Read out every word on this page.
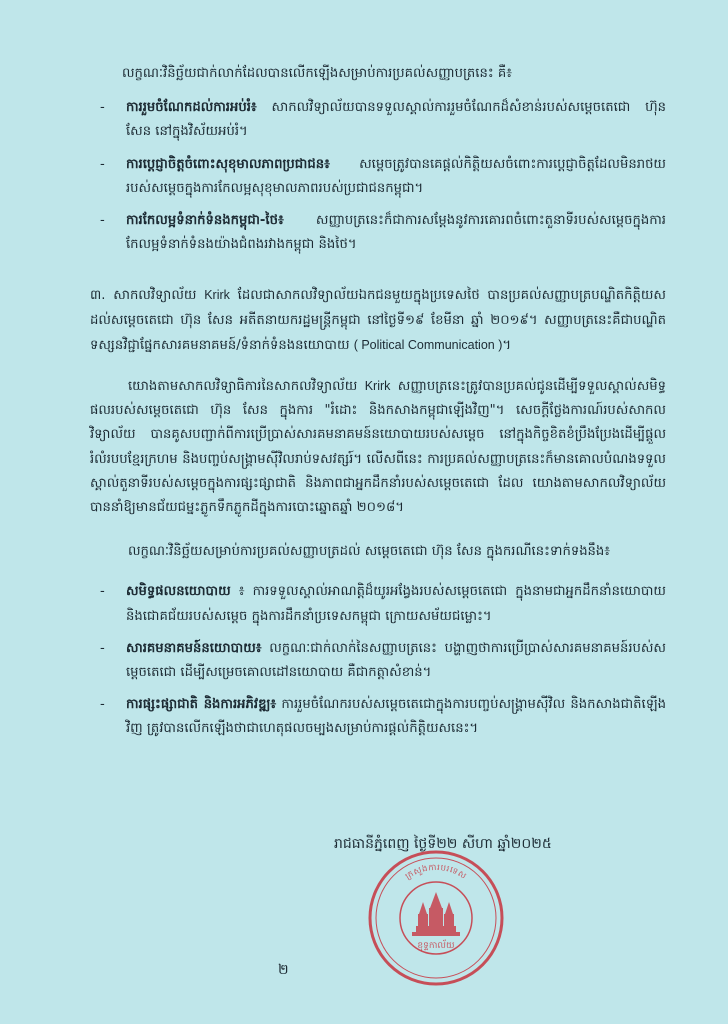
លក្ខណៈវិនិច្ឆ័យជាក់លាក់ដែលបានលើកឡើងសម្រាប់ការប្រគល់សញ្ញាបត្រនេះ គឺ៖

- ការរួមចំណែកដល់ការអប់រំ៖ សាកលវិទ្យាល័យបានទទួលស្គាល់ការរួមចំណែកដ៏សំខាន់របស់សម្តេចតេជោ ហ៊ុន សែន នៅក្នុងវិស័យអប់រំ។
- ការប្តេជ្ញាចិត្តចំពោះសុខុមាលភាពប្រជាជន៖ សម្តេចត្រូវបានគេផ្តល់កិត្តិយសចំពោះការប្តេជ្ញាចិត្តដែលមិនរាថយរបស់សម្តេចក្នុងការកែលម្អសុខុមាលភាពរបស់ប្រជាជនកម្ពុជា។
- ការកែលម្អទំនាក់ទំនងកម្ពុជា-ថៃ៖ សញ្ញាបត្រនេះក៏ជាការសម្តែងនូវការគោរពចំពោះតួនាទីរបស់សម្តេចក្នុងការកែលម្អទំនាក់ទំនងយ៉ាងជំពងរវាងកម្ពុជា និងថៃ។

៣. សាកលវិទ្យាល័យ Krirk ដែលជាសាកលវិទ្យាល័យឯកជនមួយក្នុងប្រទេសថៃ បានប្រគល់សញ្ញាបត្របណ្ឌិតកិត្តិយសដល់សម្តេចតេជោ ហ៊ុន សែន អតីតនាយករដ្ឋមន្ត្រីកម្ពុជា នៅថ្ងៃទី១៩ ខែមីនា ឆ្នាំ ២០១៩។ សញ្ញាបត្រនេះគឺជាបណ្ឌិតទស្សនវិជ្ជាផ្នែកសារគមនាគមន៍/ទំនាក់ទំនងនយោបាយ ( Political Communication )។

យោងតាមសាកលវិទ្យាធិការនៃសាកលវិទ្យាល័យ Krirk សញ្ញាបត្រនេះត្រូវបានប្រគល់ជូនដើម្បីទទួលស្គាល់សមិទ្ធផលរបស់សម្តេចតេជោ ហ៊ុន សែន ក្នុងការ "រំដោះ និងកសាងកម្ពុជាឡើងវិញ"។ សេចក្តីថ្លែងការណ៍របស់សាកលវិទ្យាល័យ បានគូសបញ្ជាក់ពីការប្រើប្រាស់សារគមនាគមន៍នយោបាយរបស់សម្តេច នៅក្នុងកិច្ចខិតខំប្រឹងប្រែងដើម្បីផ្តួលរំលំរបបខ្មែរក្រហម និងបញ្ចប់សង្គ្រាមស៊ីវិលរាប់ទសវត្សរ៍។ លើសពីនេះ ការប្រគល់សញ្ញាបត្រនេះក៏មានគោលបំណងទទួលស្គាល់តួនាទីរបស់សម្តេចក្នុងការផ្សះផ្សាជាតិ និងភាពជាអ្នកដឹកនាំរបស់សម្តេចតេជោ ដែល យោងតាមសាកលវិទ្យាល័យ បាននាំឱ្យមានជ័យជម្នះភ្លូកទឹកភ្លូកដីក្នុងការបោះឆ្នោតឆ្នាំ ២០១៨។

លក្ខណៈវិនិច្ឆ័យសម្រាប់ការប្រគល់សញ្ញាបត្រដល់ សម្តេចតេជោ ហ៊ុន សែន ក្នុងករណីនេះទាក់ទងនឹង៖

- សមិទ្ធផលនយោបាយ ៖ ការទទួលស្គាល់អាណត្តិដ៏យូរអង្វែងរបស់សម្តេចតេជោ ក្នុងនាមជាអ្នកដឹកនាំនយោបាយ និងជោគជ័យរបស់សម្តេច ក្នុងការដឹកនាំប្រទេសកម្ពុជា ក្រោយសម័យជម្លោះ។
- សារគមនាគមន៍នយោបាយ៖ លក្ខណៈជាក់លាក់នៃសញ្ញាបត្រនេះ បង្ហាញថាការប្រើប្រាស់សារគមនាគមន៍របស់សម្តេចតេជោ ដើម្បីសម្រេចគោលដៅនយោបាយ គឺជាកត្តាសំខាន់។
- ការផ្សះផ្សាជាតិ និងការអភិវឌ្ឍ៖ ការរួមចំណែករបស់សម្តេចតេជោក្នុងការបញ្ចប់សង្គ្រាមស៊ីវិល និងកសាងជាតិឡើងវិញ ត្រូវបានលើកឡើងថាជាហេតុផលចម្បងសម្រាប់ការផ្តល់កិត្តិយសនេះ។
រាជធានីភ្នំពេញ ថ្ងៃទី២២ សីហា ឆ្នាំ២០២៥
ក្រសួងការបរទេស
ខុទ្ទកាល័យ
២
